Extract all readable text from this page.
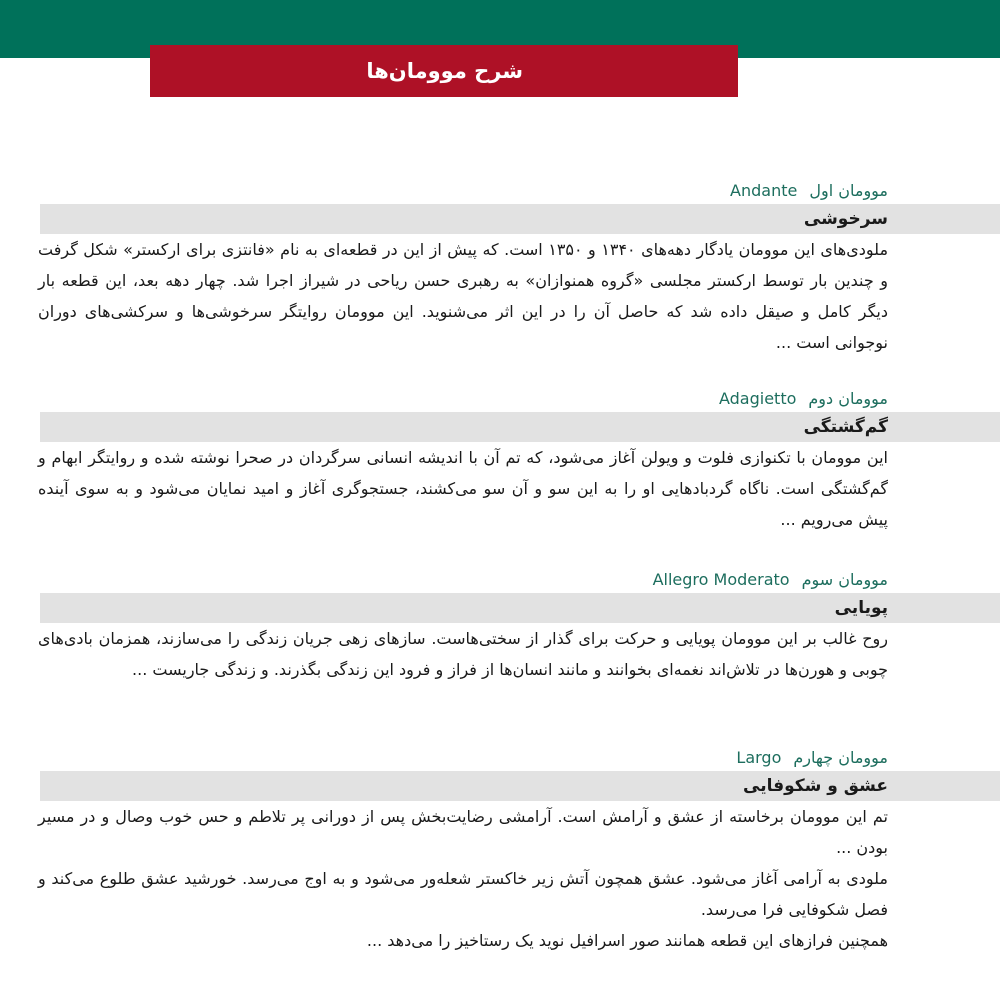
شرح موومان‌ها
موومان اولAndante
سرخوشی

ملودی‌های این موومان یادگار دهه‌های ۱۳۴۰ و ۱۳۵۰ است. که پیش از این در قطعه‌ای به نام «فانتزی برای ارکستر» شکل گرفت و چندین بار توسط ارکستر مجلسی «گروه همنوازان» به رهبری حسن ریاحی در شیراز اجرا شد. چهار دهه بعد، این قطعه بار دیگر کامل و صیقل داده شد که حاصل آن را در این اثر می‌شنوید. این موومان روایتگر سرخوشی‌ها و سرکشی‌های دوران نوجوانی است ...

موومان دومAdagietto
گم‌گشتگی

این موومان با تکنوازی فلوت و ویولن آغاز می‌شود، که تم آن با اندیشه انسانی سرگردان در صحرا نوشته شده و روایتگر ابهام و گم‌گشتگی است. ناگاه گردبادهایی او را به این سو و آن سو می‌کشند، جستجوگری آغاز و امید نمایان می‌شود و به سوی آینده پیش می‌رویم ...

موومان سومAllegro Moderato
پویایی

روح غالب بر این موومان پویایی و حرکت برای گذار از سختی‌هاست. سازهای زهی جریان زندگی را می‌سازند، همزمان بادی‌های چوبی و هورن‌ها در تلاش‌اند نغمه‌ای بخوانند و مانند انسان‌ها از فراز و فرود این زندگی بگذرند. و زندگی جاریست ...

موومان چهارمLargo
عشق و شکوفایی

تم این موومان برخاسته از عشق و آرامش است. آرامشی رضایت‌بخش پس از دورانی پر تلاطم و حس خوب وصال و در مسیر بودن ...

ملودی به آرامی آغاز می‌شود. عشق همچون آتش زیر خاکستر شعله‌ور می‌شود و به اوج می‌رسد. خورشید عشق طلوع می‌کند و فصل شکوفایی فرا می‌رسد.

همچنین فرازهای این قطعه همانند صور اسرافیل نوید یک رستاخیز را می‌دهد ...
